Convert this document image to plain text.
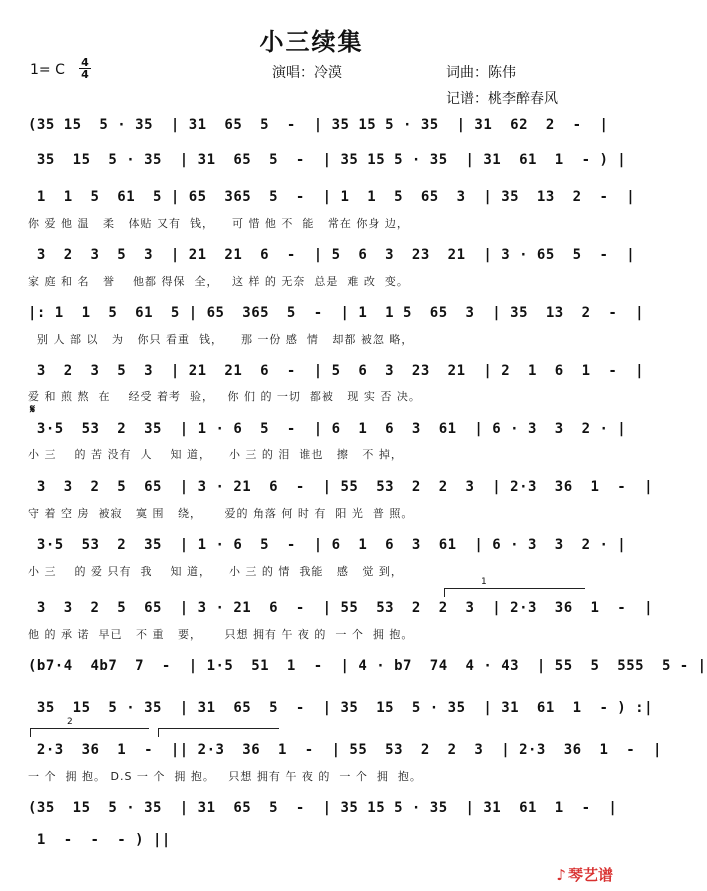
小三续集
1= C 4
4	演唱：冷漠	词曲：陈伟
记谱：桃李醉春风
(35 15  5 · 35  | 31  65  5  -  | 35 15 5 · 35  | 31  62  2  -  |
35  15  5 · 35  | 31  65  5  -  | 35 15 5 · 35  | 31  61  1  - ) |
1  1  5  61  5 | 65  365  5  -  | 1  1  5  65  3  | 35  13  2  -  |
你 爱 他 温   柔   体贴 又有  钱，    可 惜 他 不  能   常在 你身 边，
3  2  3  5  3  | 21  21  6  -  | 5  6  3  23  21  | 3 · 65  5  -  |
家 庭 和 名   誉    他都 得保  全，   这 样 的 无奈  总是  难 改  变。
|: 1  1  5  61  5 | 65  365  5  -  | 1  1 5  65  3  | 35  13  2  -  |
别 人 部 以   为   你只 看重  钱，    那 一份 感  情   却都 被忽 略，
3  2  3  5  3  | 21  21  6  -  | 5  6  3  23  21  | 2  1  6  1  -  |
爱 和 煎 熬  在    经受 着考  验，   你 们 的 一切  都被   现 实 否 决。
𝄋
3·5  53  2  35  | 1 · 6  5  -  | 6  1  6  3  61  | 6 · 3  3  2 · |
小 三    的 苦 没有  人    知 道，    小 三 的 泪  谁也   擦   不 掉，
3  3  2  5  65  | 3 · 21  6  -  | 55  53  2  2  3  | 2·3  36  1  -  |
守 着 空 房  被寂   寞 围   绕，     爱的 角落 何 时 有  阳 光  普 照。
3·5  53  2  35  | 1 · 6  5  -  | 6  1  6  3  61  | 6 · 3  3  2 · |
小 三    的 爱 只有  我    知 道，    小 三 的 情  我能   感   觉 到，
1
3  3  2  5  65  | 3 · 21  6  -  | 55  53  2  2  3  | 2·3  36  1  -  |
他 的 承 诺  早已   不 重   要，     只想 拥有 午 夜 的  一 个  拥 抱。
(b7·4  4b7  7  -  | 1·5  51  1  -  | 4 · b7  74  4 · 43  | 55  5  555  5 - |
35  15  5 · 35  | 31  65  5  -  | 35  15  5 · 35  | 31  61  1  - ) :|
2
2·3  36  1  -  || 2·3  36  1  -  | 55  53  2  2  3  | 2·3  36  1  -  |
一 个  拥 抱。 D.S 一 个  拥 抱。   只想 拥有 午 夜 的  一 个  拥  抱。
(35  15  5 · 35  | 31  65  5  -  | 35 15 5 · 35  | 31  61  1  -  |
1  -  -  - ) ||
♪ 琴艺谱
